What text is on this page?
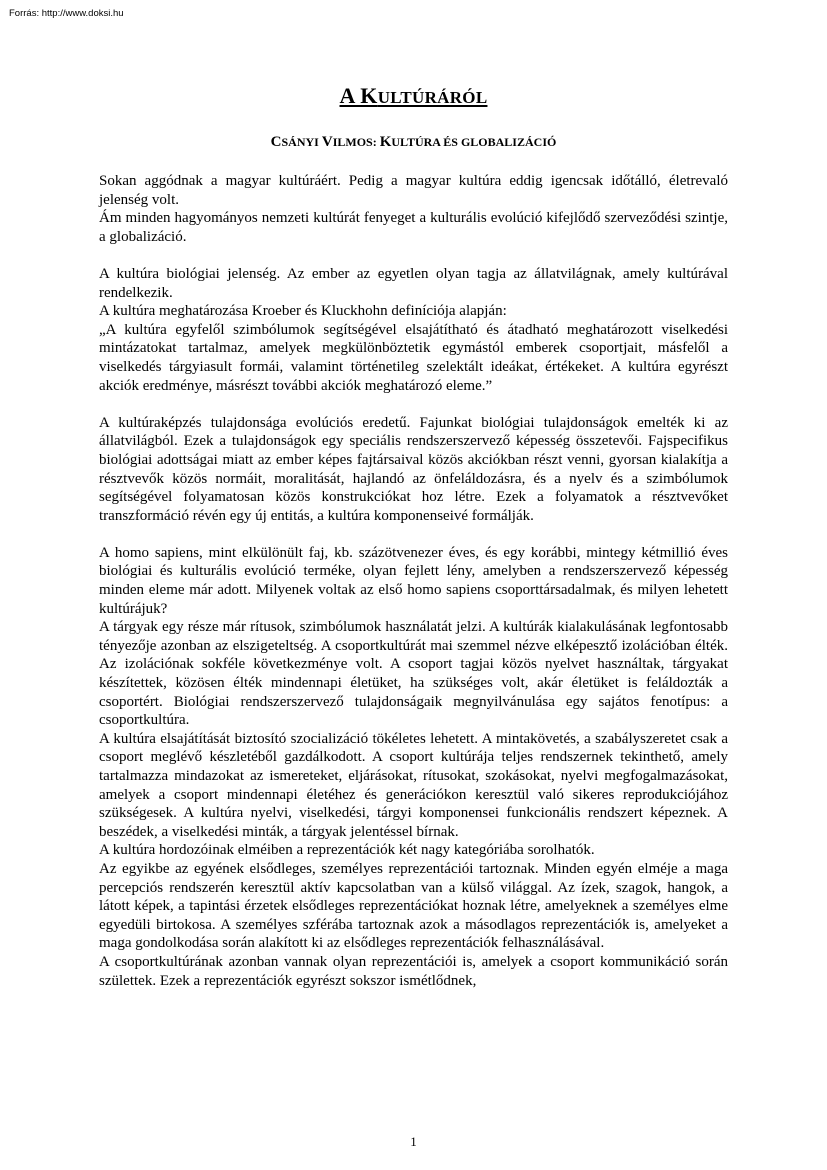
Forrás: http://www.doksi.hu
A KULTÚRÁRÓL
CSÁNYI VILMOS: KULTÚRA ÉS GLOBALIZÁCIÓ

Sokan aggódnak a magyar kultúráért. Pedig a magyar kultúra eddig igencsak időtálló, életrevaló jelenség volt.

Ám minden hagyományos nemzeti kultúrát fenyeget a kulturális evolúció kifejlődő szerveződési szintje, a globalizáció.

A kultúra biológiai jelenség. Az ember az egyetlen olyan tagja az állatvilágnak, amely kultúrával rendelkezik.

A kultúra meghatározása Kroeber és Kluckhohn definíciója alapján:

„A kultúra egyfelől szimbólumok segítségével elsajátítható és átadható meghatározott viselkedési mintázatokat tartalmaz, amelyek megkülönböztetik egymástól emberek csoportjait, másfelől a viselkedés tárgyiasult formái, valamint történetileg szelektált ideákat, értékeket. A kultúra egyrészt akciók eredménye, másrészt további akciók meghatározó eleme.”

A kultúraképzés tulajdonsága evolúciós eredetű. Fajunkat biológiai tulajdonságok emelték ki az állatvilágból. Ezek a tulajdonságok egy speciális rendszerszervező képesség összetevői. Fajspecifikus biológiai adottságai miatt az ember képes fajtársaival közös akciókban részt venni, gyorsan kialakítja a résztvevők közös normáit, moralitását, hajlandó az önfeláldozásra, és a nyelv és a szimbólumok segítségével folyamatosan közös konstrukciókat hoz létre. Ezek a folyamatok a résztvevőket transzformáció révén egy új entitás, a kultúra komponenseivé formálják.

A homo sapiens, mint elkülönült faj, kb. százötvenezer éves, és egy korábbi, mintegy kétmillió éves biológiai és kulturális evolúció terméke, olyan fejlett lény, amelyben a rendszerszervező képesség minden eleme már adott. Milyenek voltak az első homo sapiens csoporttársadalmak, és milyen lehetett kultúrájuk?

A tárgyak egy része már rítusok, szimbólumok használatát jelzi. A kultúrák kialakulásának legfontosabb tényezője azonban az elszigeteltség. A csoportkultúrát mai szemmel nézve elképesztő izolációban élték. Az izolációnak sokféle következménye volt. A csoport tagjai közös nyelvet használtak, tárgyakat készítettek, közösen élték mindennapi életüket, ha szükséges volt, akár életüket is feláldozták a csoportért. Biológiai rendszerszervező tulajdonságaik megnyilvánulása egy sajátos fenotípus: a csoportkultúra.

A kultúra elsajátítását biztosító szocializáció tökéletes lehetett. A mintakövetés, a szabályszeretet csak a csoport meglévő készletéből gazdálkodott. A csoport kultúrája teljes rendszernek tekinthető, amely tartalmazza mindazokat az ismereteket, eljárásokat, rítusokat, szokásokat, nyelvi megfogalmazásokat, amelyek a csoport mindennapi életéhez és generációkon keresztül való sikeres reprodukciójához szükségesek. A kultúra nyelvi, viselkedési, tárgyi komponensei funkcionális rendszert képeznek. A beszédek, a viselkedési minták, a tárgyak jelentéssel bírnak.

A kultúra hordozóinak elméiben a reprezentációk két nagy kategóriába sorolhatók.

Az egyikbe az egyének elsődleges, személyes reprezentációi tartoznak. Minden egyén elméje a maga percepciós rendszerén keresztül aktív kapcsolatban van a külső világgal. Az ízek, szagok, hangok, a látott képek, a tapintási érzetek elsődleges reprezentációkat hoznak létre, amelyeknek a személyes elme egyedüli birtokosa. A személyes szférába tartoznak azok a másodlagos reprezentációk is, amelyeket a maga gondolkodása során alakított ki az elsődleges reprezentációk felhasználásával.

A csoportkultúrának azonban vannak olyan reprezentációi is, amelyek a csoport kommunikáció során születtek. Ezek a reprezentációk egyrészt sokszor ismétlődnek,

1
